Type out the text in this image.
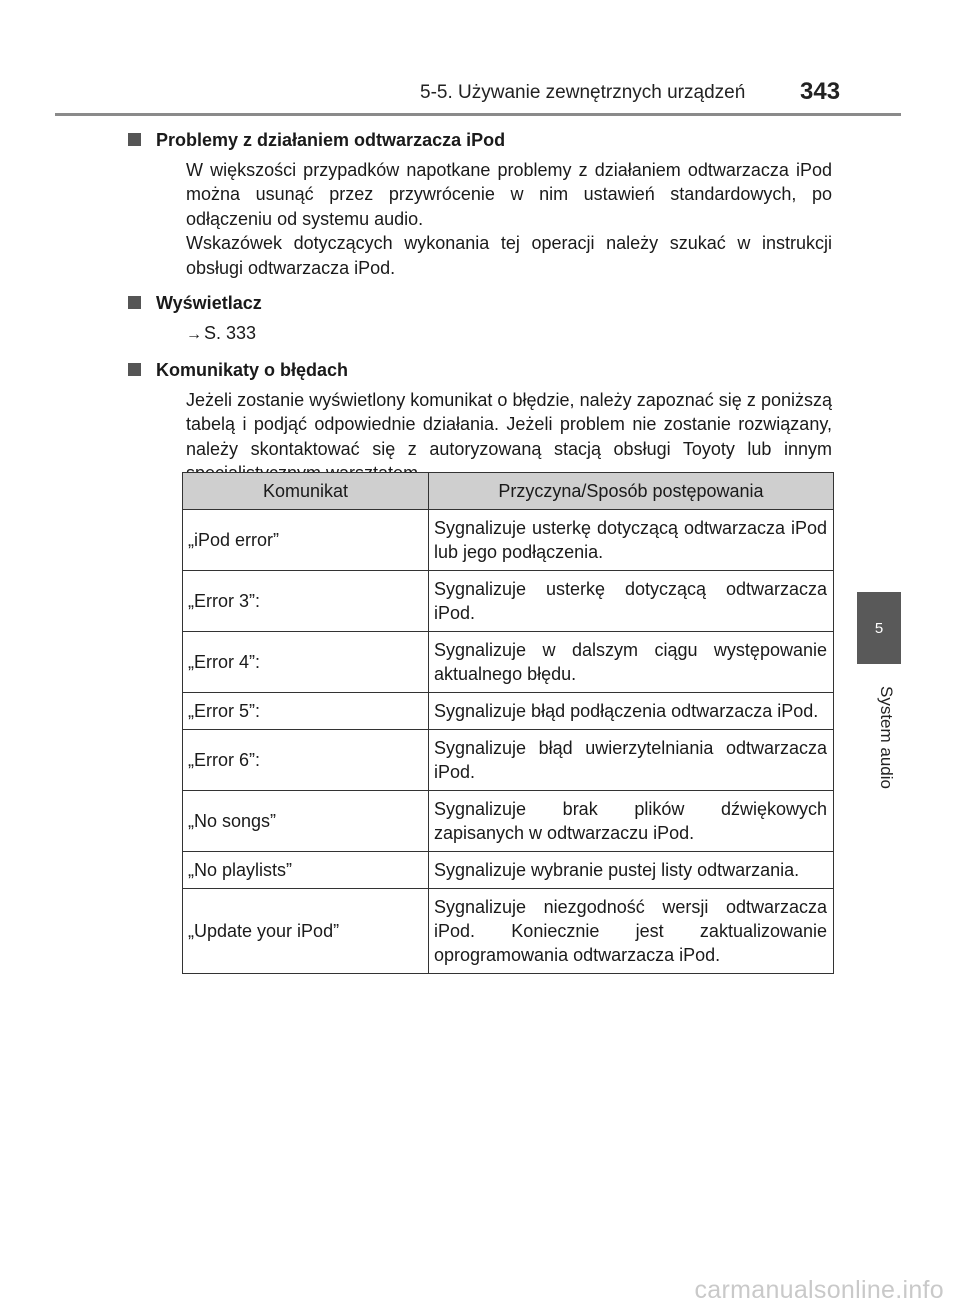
5-5. Używanie zewnętrznych urządzeń 343
5
System audio
Problemy z działaniem odtwarzacza iPod

W większości przypadków napotkane problemy z działaniem odtwarzacza iPod można usunąć przez przywrócenie w nim ustawień standardowych, po odłączeniu od systemu audio.

Wskazówek dotyczących wykonania tej operacji należy szukać w instrukcji obsługi odtwarzacza iPod.

Wyświetlacz
→ S. 333
Komunikaty o błędach

Jeżeli zostanie wyświetlony komunikat o błędzie, należy zapoznać się z poniższą tabelą i podjąć odpowiednie działania. Jeżeli problem nie zostanie rozwiązany, należy skontaktować się z autoryzowaną stacją obsługi Toyoty lub innym

Komunikat	Przyczyna/Sposób postępowania
„iPod error”	Sygnalizuje usterkę dotyczącą odtwarzacza iPod lub jego podłączenia.
„Error 3”:	Sygnalizuje usterkę dotyczącą odtwarzacza iPod.
„Error 4”:	Sygnalizuje w dalszym ciągu występowanie aktualnego błędu.
„Error 5”:	Sygnalizuje błąd podłączenia odtwarzacza iPod.
„Error 6”:	Sygnalizuje błąd uwierzytelniania odtwarzacza iPod.
„No songs”	Sygnalizuje brak plików dźwiękowych zapisanych w odtwarzaczu iPod.
„No playlists”	Sygnalizuje wybranie pustej listy odtwarzania.
„Update your iPod”	Sygnalizuje niezgodność wersji odtwarzacza iPod. Koniecznie jest zaktualizowanie oprogramowania odtwarzacza iPod.
carmanualsonline.info
